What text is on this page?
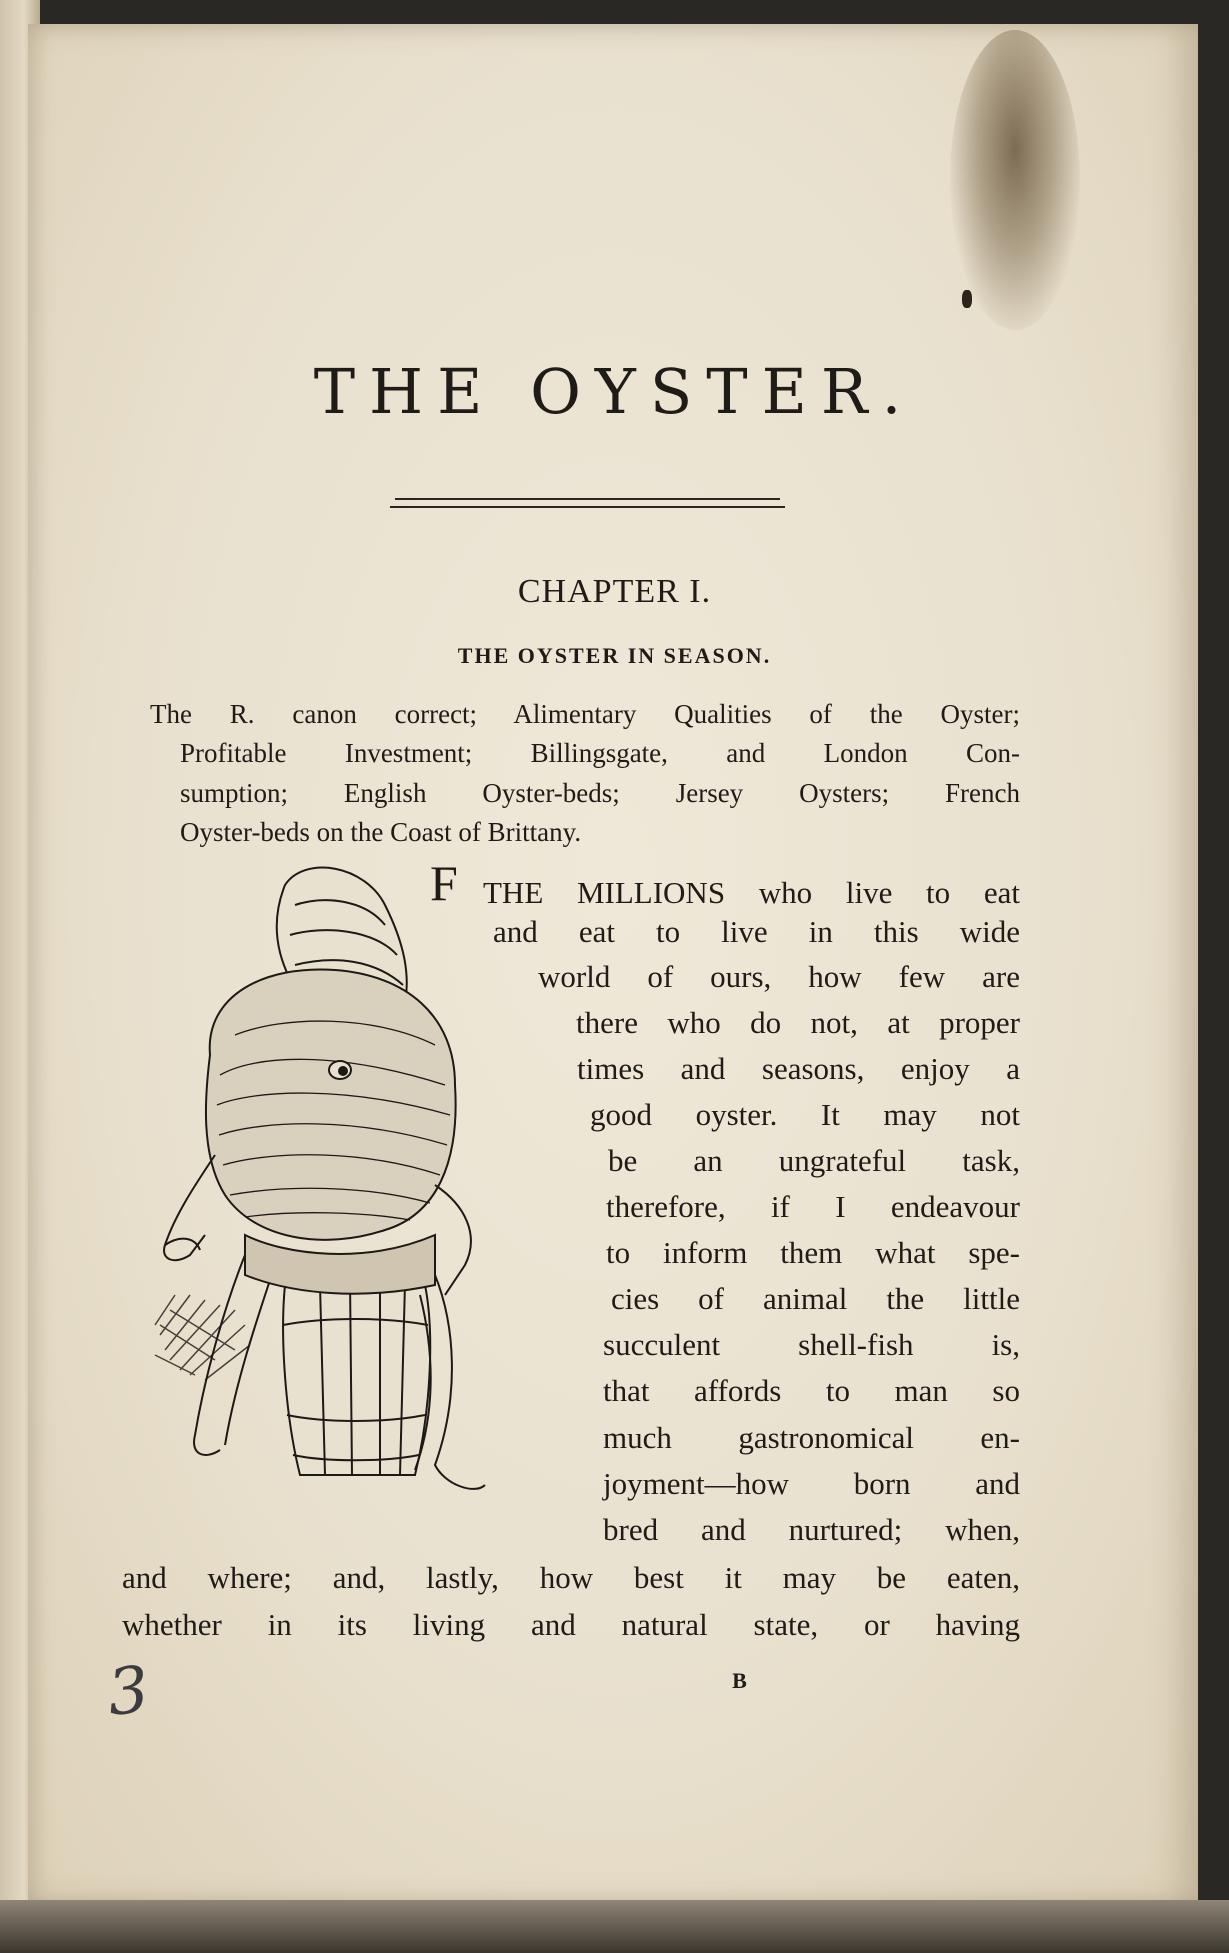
THE OYSTER.
CHAPTER I.
THE OYSTER IN SEASON.
The R. canon correct; Alimentary Qualities of the Oyster;
Profitable Investment; Billingsgate, and London Con-
sumption; English Oyster-beds; Jersey Oysters; French
Oyster-beds on the Coast of Brittany.
F THE MILLIONS who live to eat
and eat to live in this wide
world of ours, how few are
there who do not, at proper
times and seasons, enjoy a
good oyster. It may not
be an ungrateful task,
therefore, if I endeavour
to inform them what spe-
cies of animal the little
succulent shell-fish is,
that affords to man so
much gastronomical en-
joyment—how born and
bred and nurtured; when,
and where; and, lastly, how best it may be eaten,
whether in its living and natural state, or having
3	B
